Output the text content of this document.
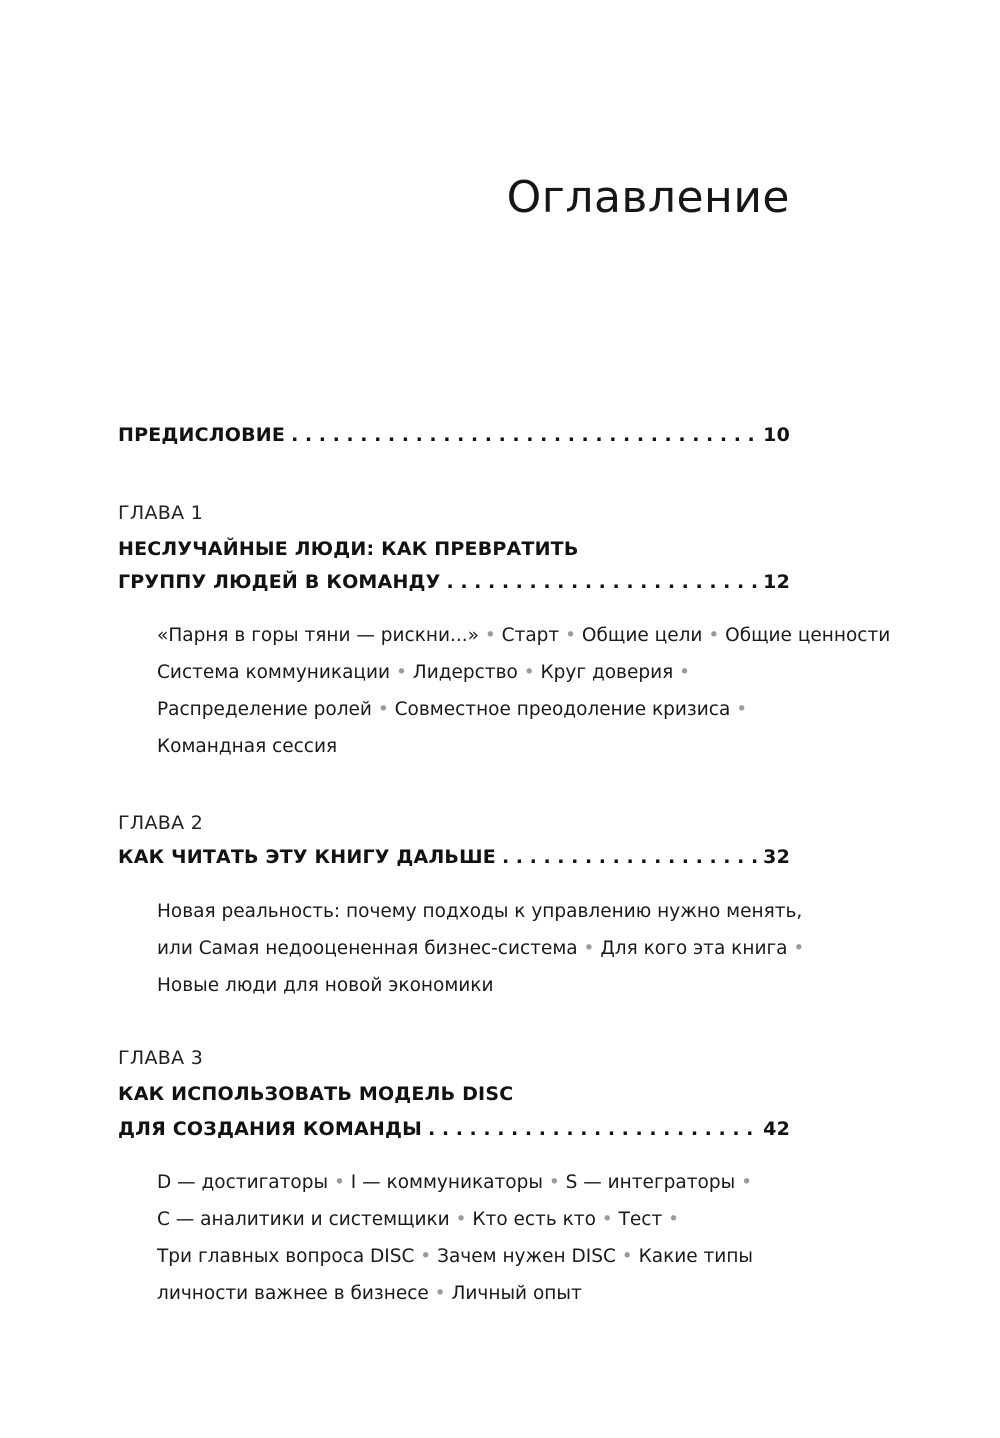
Оглавление
ПРЕДИСЛОВИЕ . . .	10
ГЛАВА 1
НЕСЛУЧАЙНЫЕ ЛЮДИ: КАК ПРЕВРАТИТЬ
ГРУППУ ЛЮДЕЙ В КОМАНДУ . . .	12
«Парня в горы тяни — рискни...» • Старт • Общие цели • Общие ценности
Система коммуникации • Лидерство • Круг доверия •
Распределение ролей • Совместное преодоление кризиса •
Командная сессия
ГЛАВА 2
КАК ЧИТАТЬ ЭТУ КНИГУ ДАЛЬШЕ . . .	32
Новая реальность: почему подходы к управлению нужно менять, или Самая недооцененная бизнес-система • Для кого эта книга • Новые люди для новой экономики
ГЛАВА 3
КАК ИСПОЛЬЗОВАТЬ МОДЕЛЬ DISC
ДЛЯ СОЗДАНИЯ КОМАНДЫ . . .	42
D — достигаторы • I — коммуникаторы • S — интеграторы •
C — аналитики и системщики • Кто есть кто • Тест •
Три главных вопроса DISC • Зачем нужен DISC • Какие типы личности важнее в бизнесе • Личный опыт
